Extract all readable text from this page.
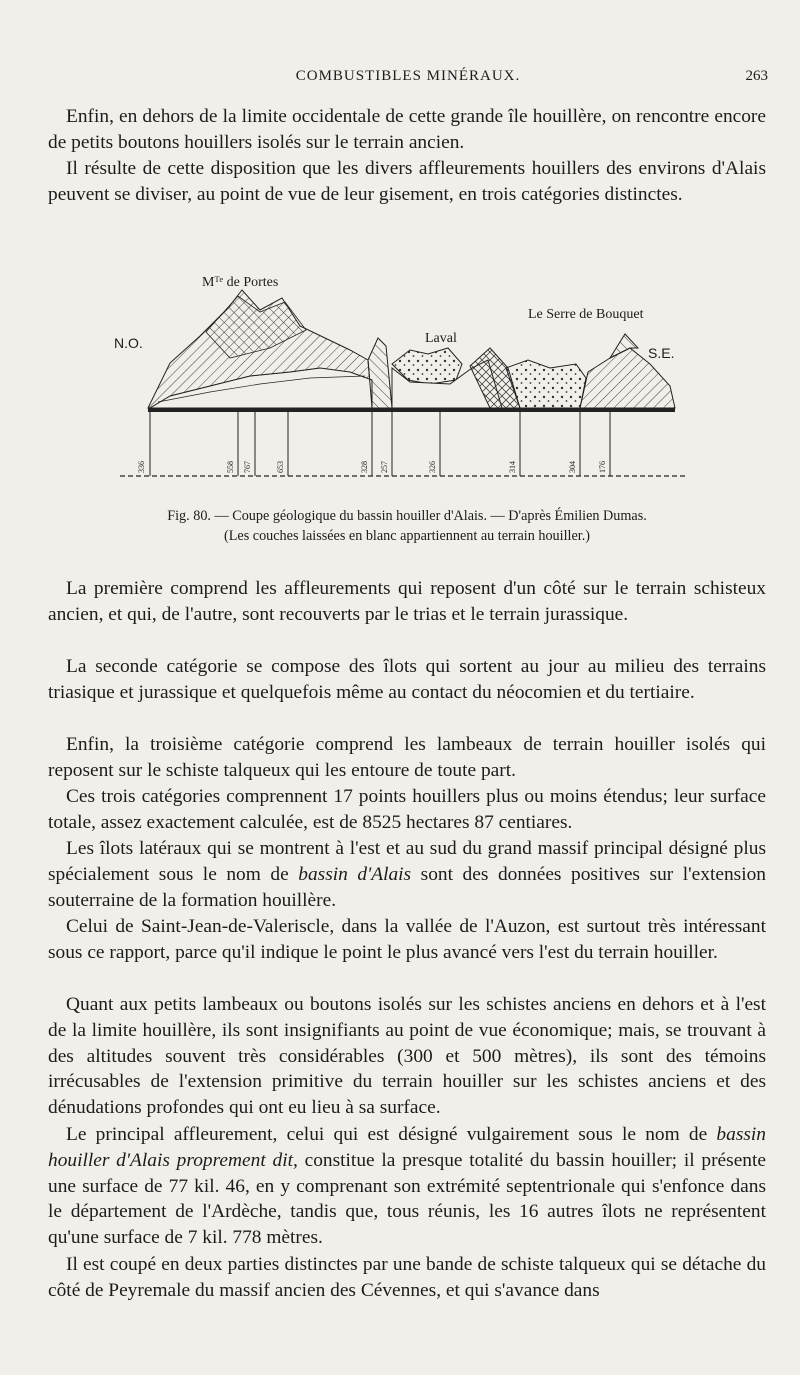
COMBUSTIBLES MINÉRAUX.	263

Enfin, en dehors de la limite occidentale de cette grande île houillère, on rencontre encore de petits boutons houillers isolés sur le terrain ancien.

Il résulte de cette disposition que les divers affleurements houillers des environs d'Alais peuvent se diviser, au point de vue de leur gisement, en trois catégories distinctes.

336	558 767	653	328 257	326	314	304	176
Mᵀᵉ de Portes
Le Serre de Bouquet
Laval
N.O.
S.E.
Fig. 80. — Coupe géologique du bassin houiller d'Alais. — D'après Émilien Dumas.
(Les couches laissées en blanc appartiennent au terrain houiller.)

La première comprend les affleurements qui reposent d'un côté sur le terrain schisteux ancien, et qui, de l'autre, sont recouverts par le trias et le terrain jurassique.

La seconde catégorie se compose des îlots qui sortent au jour au milieu des terrains triasique et jurassique et quelquefois même au contact du néocomien et du tertiaire.

Enfin, la troisième catégorie comprend les lambeaux de terrain houiller isolés qui reposent sur le schiste talqueux qui les entoure de toute part.

Ces trois catégories comprennent 17 points houillers plus ou moins étendus; leur surface totale, assez exactement calculée, est de 8525 hectares 87 centiares.

Les îlots latéraux qui se montrent à l'est et au sud du grand massif principal désigné plus spécialement sous le nom de bassin d'Alais sont des données positives sur l'extension souterraine de la formation houillère.

Celui de Saint-Jean-de-Valeriscle, dans la vallée de l'Auzon, est surtout très intéressant sous ce rapport, parce qu'il indique le point le plus avancé vers l'est du terrain houiller.

Quant aux petits lambeaux ou boutons isolés sur les schistes anciens en dehors et à l'est de la limite houillère, ils sont insignifiants au point de vue économique; mais, se trouvant à des altitudes souvent très considérables (300 et 500 mètres), ils sont des témoins irrécusables de l'extension primitive du terrain houiller sur les schistes anciens et des dénudations profondes qui ont eu lieu à sa surface.

Le principal affleurement, celui qui est désigné vulgairement sous le nom de bassin houiller d'Alais proprement dit, constitue la presque totalité du bassin houiller; il présente une surface de 77 kil. 46, en y comprenant son extrémité septentrionale qui s'enfonce dans le département de l'Ardèche, tandis que, tous réunis, les 16 autres îlots ne représentent qu'une surface de 7 kil. 778 mètres.

Il est coupé en deux parties distinctes par une bande de schiste talqueux qui se détache du côté de Peyremale du massif ancien des Cévennes, et qui s'avance dans
